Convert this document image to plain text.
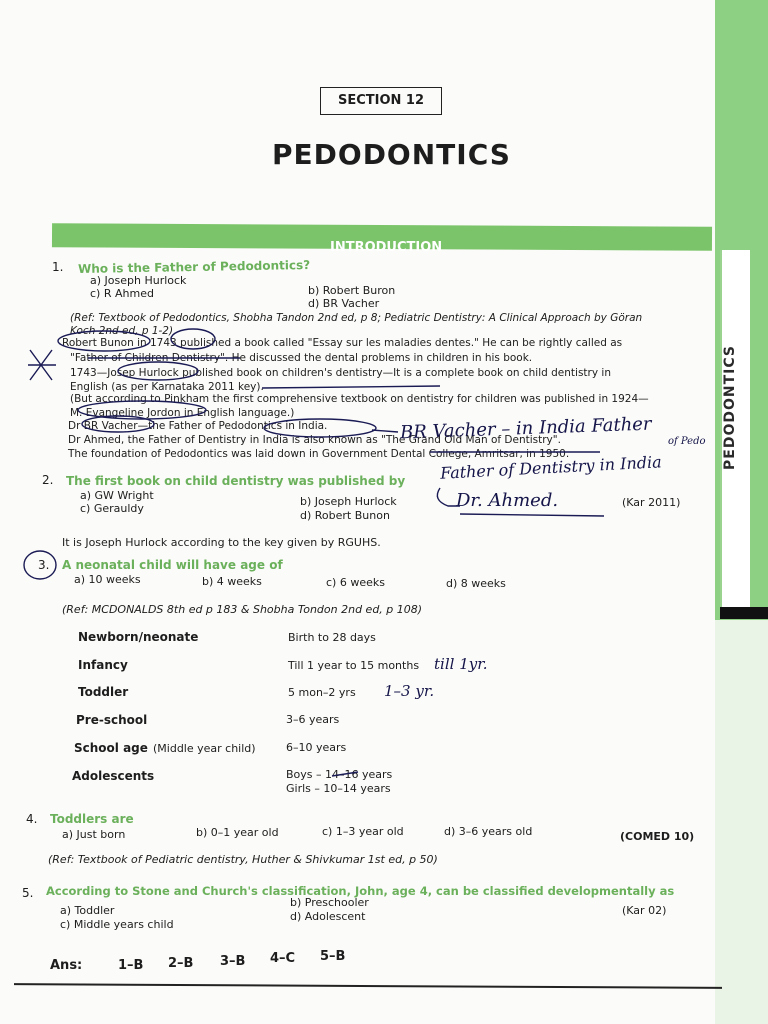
PEDODONTICS
SECTION 12
PEDODONTICS
INTRODUCTION
1. Who is the Father of Pedodontics?
a) Joseph Hurlock
c) R Ahmed	b) Robert Buron
d) BR Vacher
(Ref: Textbook of Pedodontics, Shobha Tandon 2nd ed, p 8; Pediatric Dentistry: A Clinical Approach by Göran
Koch 2nd ed, p 1-2)
Robert Bunon in 1743 published a book called "Essay sur les maladies dentes." He can be rightly called as
"Father of Children Dentistry". He discussed the dental problems in children in his book.
1743—Josep Hurlock published book on children's dentistry—It is a complete book on child dentistry in
English (as per Karnataka 2011 key).
(But according to Pinkham the first comprehensive textbook on dentistry for children was published in 1924—
M. Evangeline Jordon in English language.)
Dr BR Vacher—the Father of Pedodontics in India.
Dr Ahmed, the Father of Dentistry in India is also known as "The Grand Old Man of Dentistry".
The foundation of Pedodontics was laid down in Government Dental College, Amritsar, in 1950.
2. The first book on child dentistry was published by
a) GW Wright
c) Gerauldy
b) Joseph Hurlock
d) Robert Bunon
(Kar 2011)
It is Joseph Hurlock according to the key given by RGUHS.
3. A neonatal child will have age of
a) 10 weeks	b) 4 weeks	c) 6 weeks	d) 8 weeks
(Ref: MCDONALDS 8th ed p 183 & Shobha Tondon 2nd ed, p 108)
Newborn/neonate	Birth to 28 days
Infancy	Till 1 year to 15 months
Toddler	5 mon–2 yrs
Pre-school	3–6 years
School age (Middle year child)	6–10 years
Adolescents	Boys – 14–16 years
Girls – 10–14 years
4. Toddlers are
a) Just born	b) 0–1 year old	c) 1–3 year old	d) 3–6 years old	(COMED 10)
(Ref: Textbook of Pediatric dentistry, Huther & Shivkumar 1st ed, p 50)
5. According to Stone and Church's classification, John, age 4, can be classified developmentally as
a) Toddler
c) Middle years child
b) Preschooler
d) Adolescent	(Kar 02)
Ans:	1–B 2–B 3–B 4–C 5–B
BR Vacher – in India Father of Pedo
Father of Dentistry in India
Dr. Ahmed.
till 1yr.
1–3 yr.
